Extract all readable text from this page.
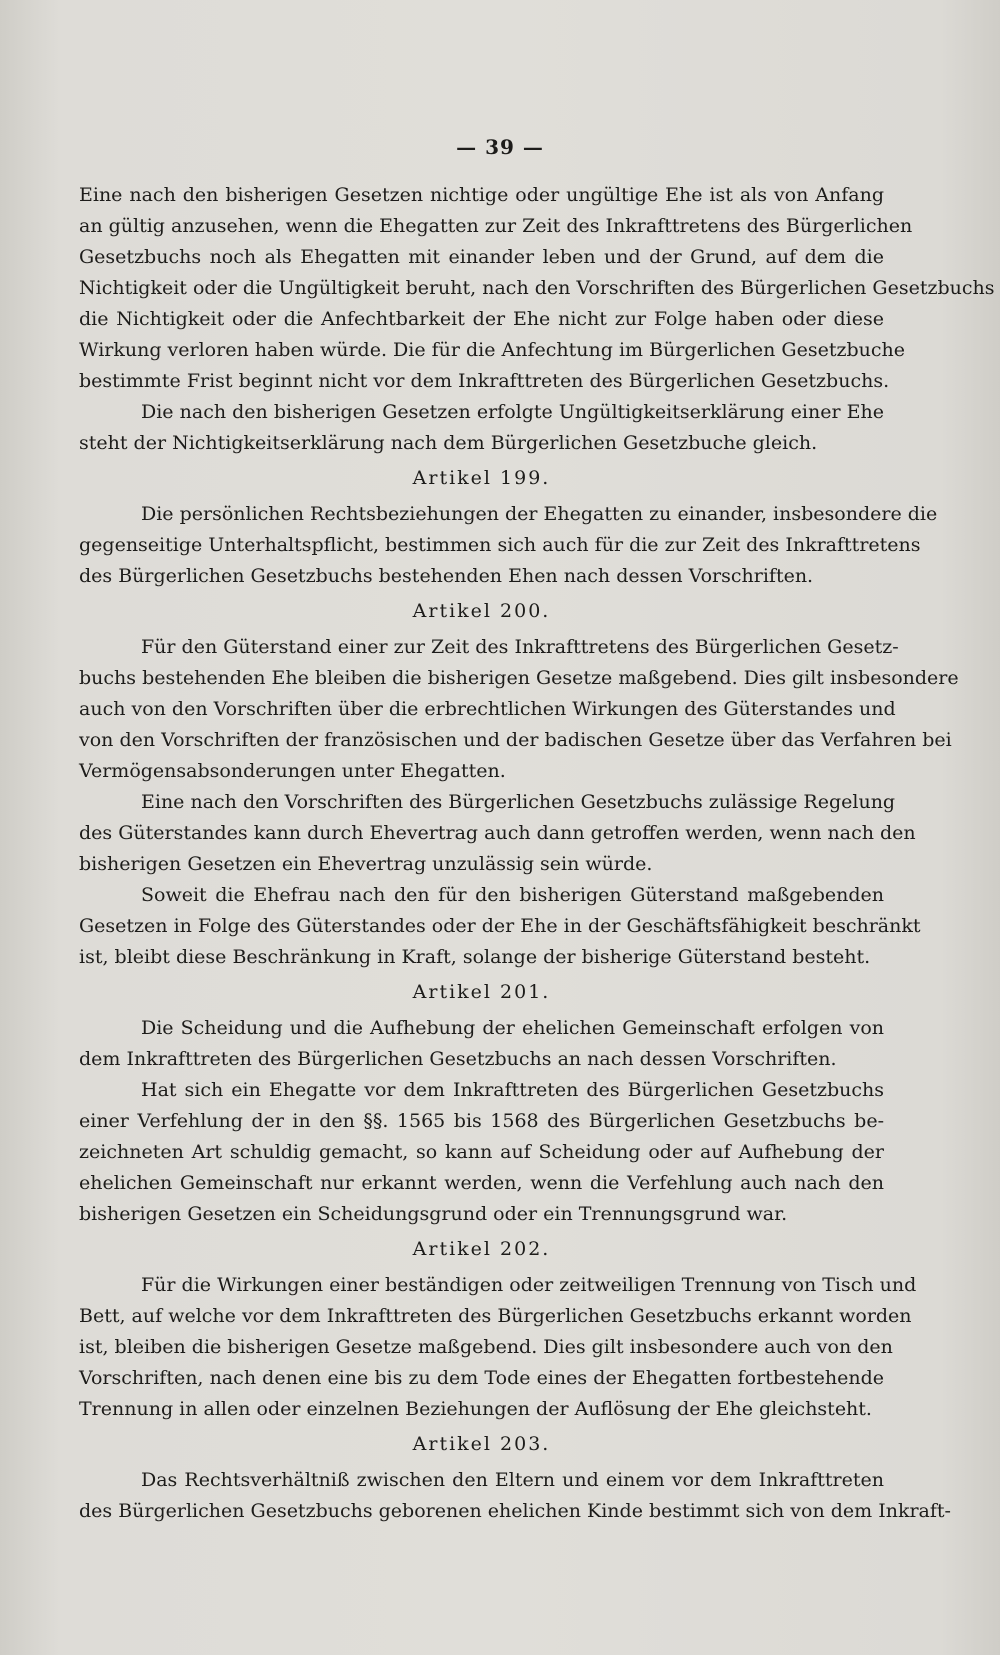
— 39 —
Eine nach den bisherigen Gesetzen nichtige oder ungültige Ehe ist als von Anfang
an gültig anzusehen, wenn die Ehegatten zur Zeit des Inkrafttretens des Bürgerlichen
Gesetzbuchs noch als Ehegatten mit einander leben und der Grund, auf dem die
Nichtigkeit oder die Ungültigkeit beruht, nach den Vorschriften des Bürgerlichen Gesetzbuchs
die Nichtigkeit oder die Anfechtbarkeit der Ehe nicht zur Folge haben oder diese
Wirkung verloren haben würde. Die für die Anfechtung im Bürgerlichen Gesetzbuche
bestimmte Frist beginnt nicht vor dem Inkrafttreten des Bürgerlichen Gesetzbuchs.
Die nach den bisherigen Gesetzen erfolgte Ungültigkeitserklärung einer Ehe
steht der Nichtigkeitserklärung nach dem Bürgerlichen Gesetzbuche gleich.
Artikel 199.
Die persönlichen Rechtsbeziehungen der Ehegatten zu einander, insbesondere die
gegenseitige Unterhaltspflicht, bestimmen sich auch für die zur Zeit des Inkrafttretens
des Bürgerlichen Gesetzbuchs bestehenden Ehen nach dessen Vorschriften.
Artikel 200.
Für den Güterstand einer zur Zeit des Inkrafttretens des Bürgerlichen Gesetz-
buchs bestehenden Ehe bleiben die bisherigen Gesetze maßgebend. Dies gilt insbesondere
auch von den Vorschriften über die erbrechtlichen Wirkungen des Güterstandes und
von den Vorschriften der französischen und der badischen Gesetze über das Verfahren bei
Vermögensabsonderungen unter Ehegatten.
Eine nach den Vorschriften des Bürgerlichen Gesetzbuchs zulässige Regelung
des Güterstandes kann durch Ehevertrag auch dann getroffen werden, wenn nach den
bisherigen Gesetzen ein Ehevertrag unzulässig sein würde.
Soweit die Ehefrau nach den für den bisherigen Güterstand maßgebenden
Gesetzen in Folge des Güterstandes oder der Ehe in der Geschäftsfähigkeit beschränkt
ist, bleibt diese Beschränkung in Kraft, solange der bisherige Güterstand besteht.
Artikel 201.
Die Scheidung und die Aufhebung der ehelichen Gemeinschaft erfolgen von
dem Inkrafttreten des Bürgerlichen Gesetzbuchs an nach dessen Vorschriften.
Hat sich ein Ehegatte vor dem Inkrafttreten des Bürgerlichen Gesetzbuchs
einer Verfehlung der in den §§. 1565 bis 1568 des Bürgerlichen Gesetzbuchs be-
zeichneten Art schuldig gemacht, so kann auf Scheidung oder auf Aufhebung der
ehelichen Gemeinschaft nur erkannt werden, wenn die Verfehlung auch nach den
bisherigen Gesetzen ein Scheidungsgrund oder ein Trennungsgrund war.
Artikel 202.
Für die Wirkungen einer beständigen oder zeitweiligen Trennung von Tisch und
Bett, auf welche vor dem Inkrafttreten des Bürgerlichen Gesetzbuchs erkannt worden
ist, bleiben die bisherigen Gesetze maßgebend. Dies gilt insbesondere auch von den
Vorschriften, nach denen eine bis zu dem Tode eines der Ehegatten fortbestehende
Trennung in allen oder einzelnen Beziehungen der Auflösung der Ehe gleichsteht.
Artikel 203.
Das Rechtsverhältniß zwischen den Eltern und einem vor dem Inkrafttreten
des Bürgerlichen Gesetzbuchs geborenen ehelichen Kinde bestimmt sich von dem Inkraft-
